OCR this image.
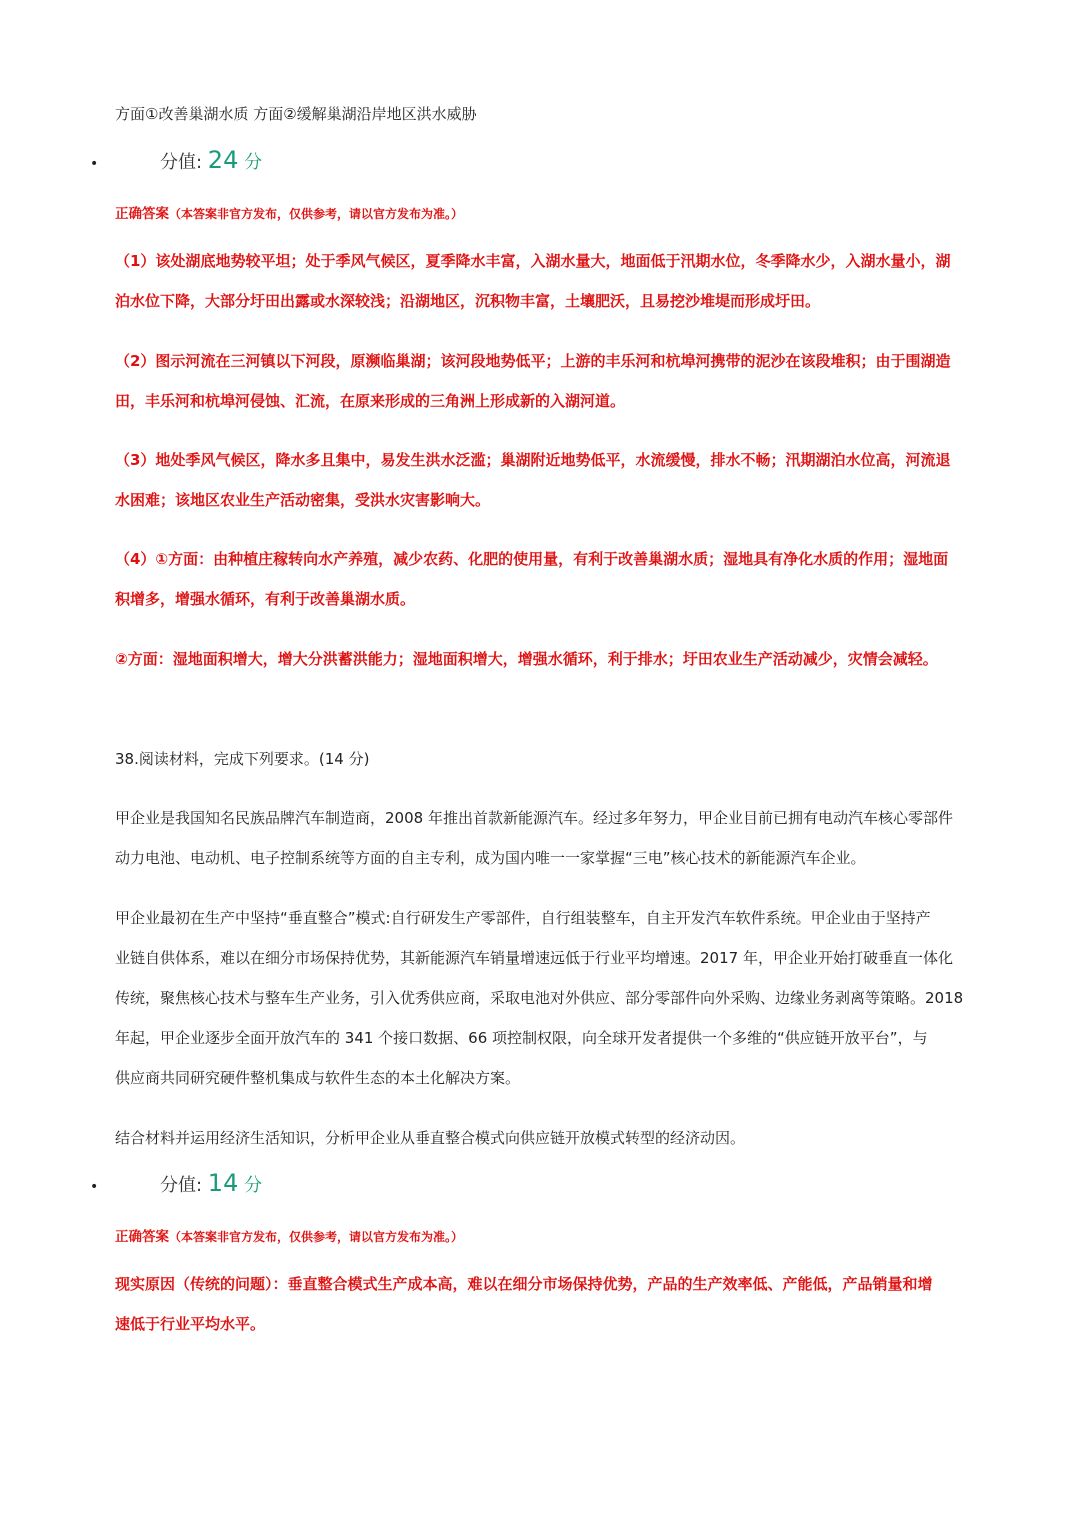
方面①改善巢湖水质 方面②缓解巢湖沿岸地区洪水威胁
•	分值: 24 分
正确答案（本答案非官方发布，仅供参考，请以官方发布为准。）
（1）该处湖底地势较平坦；处于季风气候区，夏季降水丰富，入湖水量大，地面低于汛期水位，冬季降水少，入湖水量小，湖
泊水位下降，大部分圩田出露或水深较浅；沿湖地区，沉积物丰富，土壤肥沃，且易挖沙堆堤而形成圩田。
（2）图示河流在三河镇以下河段，原濒临巢湖；该河段地势低平；上游的丰乐河和杭埠河携带的泥沙在该段堆积；由于围湖造
田，丰乐河和杭埠河侵蚀、汇流，在原来形成的三角洲上形成新的入湖河道。
（3）地处季风气候区，降水多且集中，易发生洪水泛滥；巢湖附近地势低平，水流缓慢，排水不畅；汛期湖泊水位高，河流退
水困难；该地区农业生产活动密集，受洪水灾害影响大。
（4）①方面：由种植庄稼转向水产养殖，减少农药、化肥的使用量，有利于改善巢湖水质；湿地具有净化水质的作用；湿地面
积增多，增强水循环，有利于改善巢湖水质。
②方面：湿地面积增大，增大分洪蓄洪能力；湿地面积增大，增强水循环，利于排水；圩田农业生产活动减少，灾情会减轻。
38.阅读材料，完成下列要求。(14 分)
甲企业是我国知名民族品牌汽车制造商，2008 年推出首款新能源汽车。经过多年努力，甲企业目前已拥有电动汽车核心零部件
动力电池、电动机、电子控制系统等方面的自主专利，成为国内唯一一家掌握“三电”核心技术的新能源汽车企业。
甲企业最初在生产中坚持“垂直整合”模式:自行研发生产零部件，自行组装整车，自主开发汽车软件系统。甲企业由于坚持产
业链自供体系，难以在细分市场保持优势，其新能源汽车销量增速远低于行业平均增速。2017 年，甲企业开始打破垂直一体化
传统，聚焦核心技术与整车生产业务，引入优秀供应商，采取电池对外供应、部分零部件向外采购、边缘业务剥离等策略。2018
年起，甲企业逐步全面开放汽车的 341 个接口数据、66 项控制权限，向全球开发者提供一个多维的“供应链开放平台”，与
供应商共同研究硬件整机集成与软件生态的本土化解决方案。
结合材料并运用经济生活知识，分析甲企业从垂直整合模式向供应链开放模式转型的经济动因。
•	分值: 14 分
正确答案（本答案非官方发布，仅供参考，请以官方发布为准。）
现实原因（传统的问题）：垂直整合模式生产成本高，难以在细分市场保持优势，产品的生产效率低、产能低，产品销量和增
速低于行业平均水平。
